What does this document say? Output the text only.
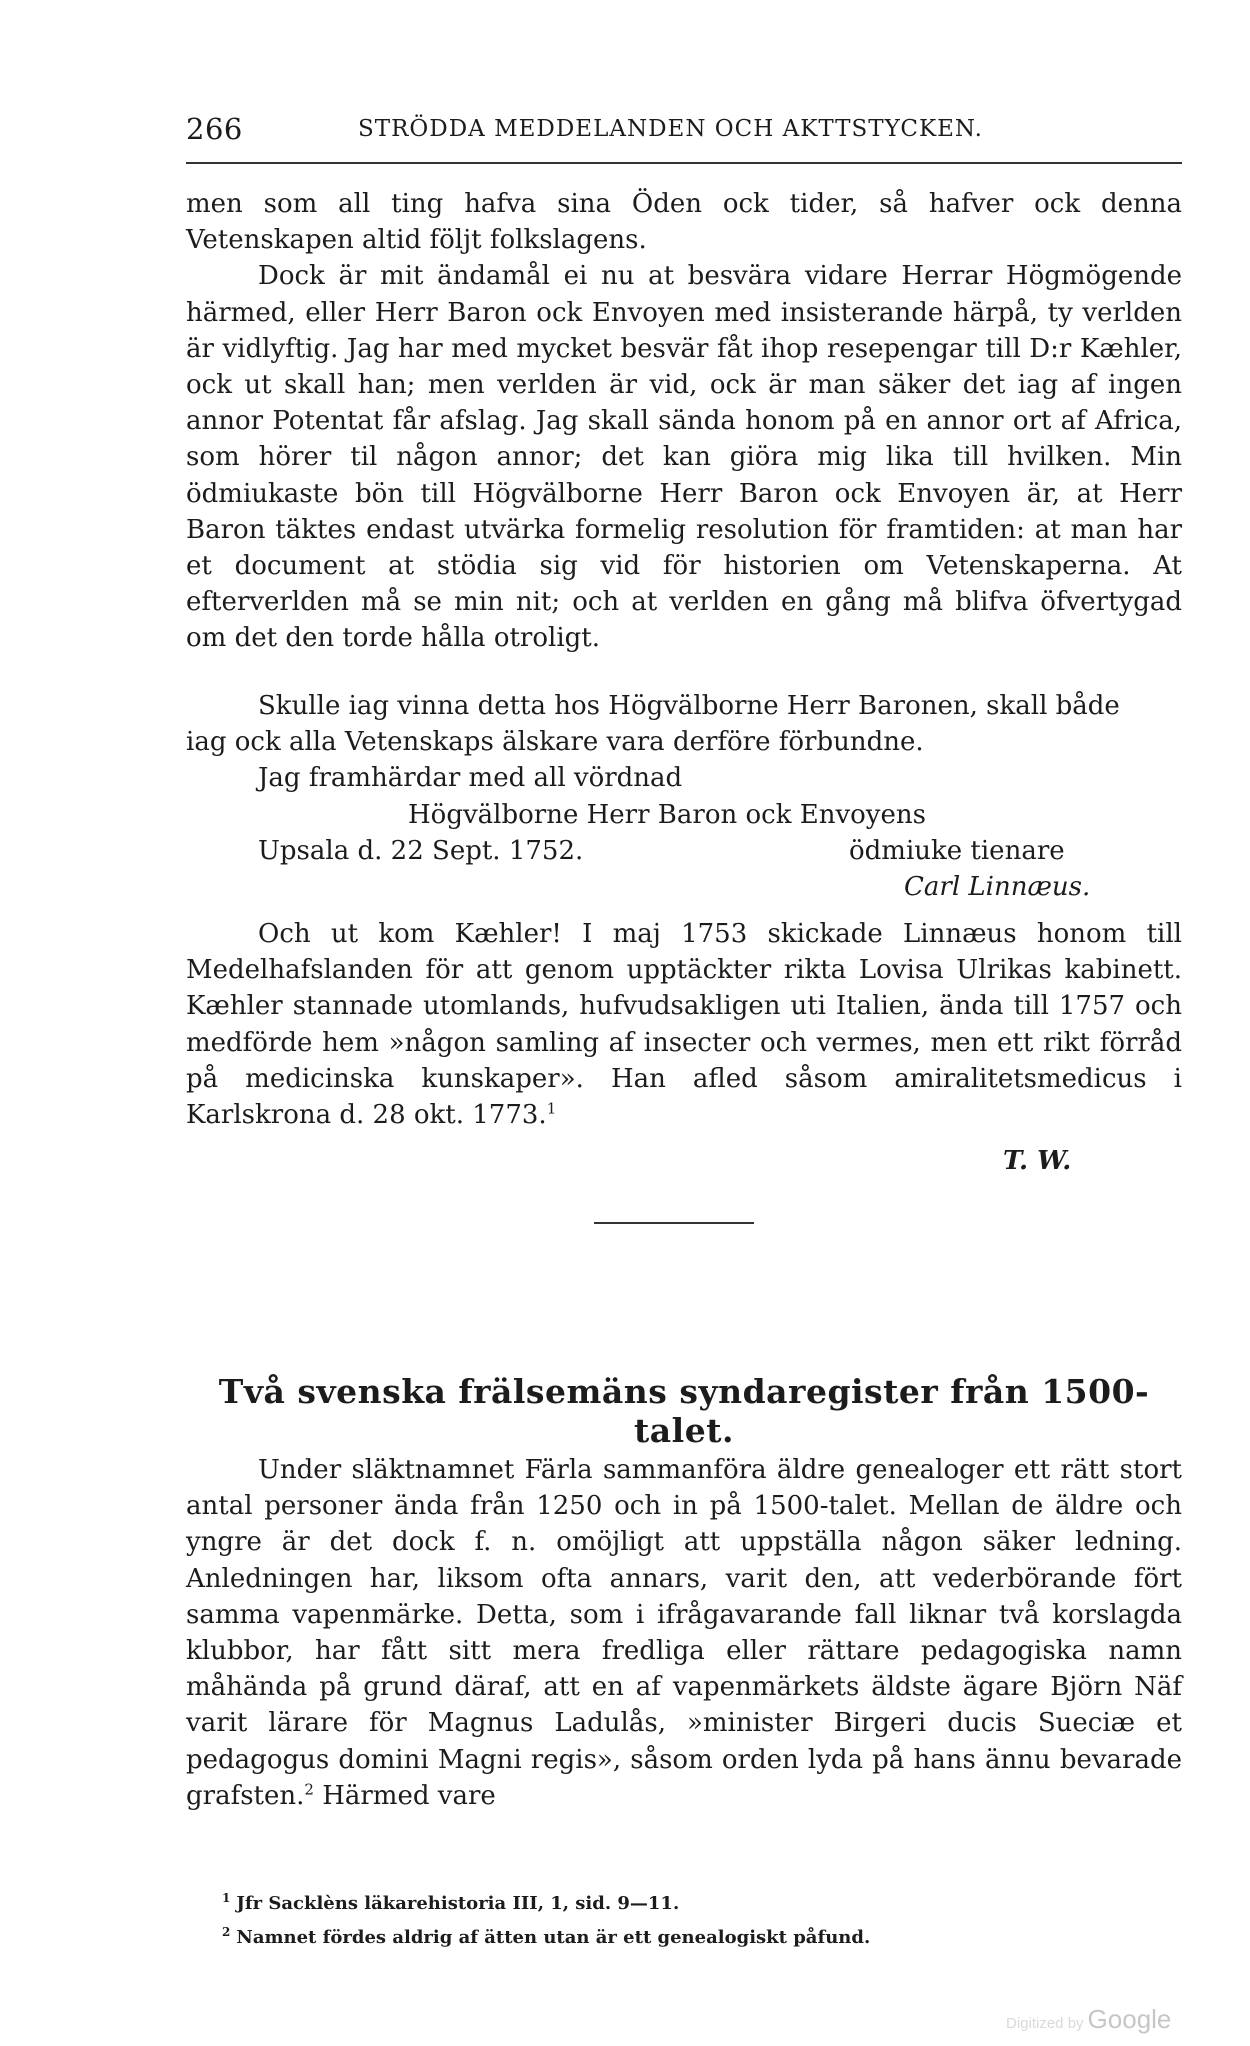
266	STRÖDDA MEDDELANDEN OCH AKTTSTYCKEN.

men som all ting hafva sina Öden ock tider, så hafver ock denna Vetenskapen altid följt folkslagens.

Dock är mit ändamål ei nu at besvära vidare Herrar Högmögende härmed, eller Herr Baron ock Envoyen med insisterande härpå, ty verlden är vidlyftig. Jag har med mycket besvär fåt ihop resepengar till D:r Kæhler, ock ut skall han; men verlden är vid, ock är man säker det iag af ingen annor Potentat får afslag. Jag skall sända honom på en annor ort af Africa, som hörer til någon annor; det kan giöra mig lika till hvilken. Min ödmiukaste bön till Högvälborne Herr Baron ock Envoyen är, at Herr Baron täktes endast utvärka formelig resolution för framtiden: at man har et document at stödia sig vid för historien om Vetenskaperna. At efterverlden må se min nit; och at verlden en gång må blifva öfvertygad om det den torde hålla otroligt.

Skulle iag vinna detta hos Högvälborne Herr Baronen, skall både
iag ock alla Vetenskaps älskare vara derföre förbundne.
Jag framhärdar med all vördnad
Högvälborne Herr Baron ock Envoyens
Upsala d. 22 Sept. 1752.	ödmiuke tienare
Carl Linnæus.
Och ut kom Kæhler! I maj 1753 skickade Linnæus honom till Medelhafslanden för att genom upptäckter rikta Lovisa Ulrikas kabinett. Kæhler stannade utomlands, hufvudsakligen uti Italien, ända till 1757 och medförde hem »någon samling af insecter och vermes, men ett rikt förråd på medicinska kunskaper». Han afled såsom amiralitetsmedicus i Karlskrona d. 28 okt. 1773.$^1$
T. W.
Två svenska frälsemäns syndaregister från 1500-talet.
Under släktnamnet Färla sammanföra äldre genealoger ett rätt stort antal personer ända från 1250 och in på 1500-talet. Mellan de äldre och yngre är det dock f. n. omöjligt att uppställa någon säker ledning. Anledningen har, liksom ofta annars, varit den, att vederbörande fört samma vapenmärke. Detta, som i ifrågavarande fall liknar två korslagda klubbor, har fått sitt mera fredliga eller rättare pedagogiska namn måhända på grund däraf, att en af vapenmärkets äldste ägare Björn Näf varit lärare för Magnus Ladulås, »minister Birgeri ducis Sueciæ et pedagogus domini Magni regis», såsom orden lyda på hans ännu bevarade grafsten.$^2$ Härmed vare
$^1$ Jfr Sacklèns läkarehistoria III, 1, sid. 9—11.
$^2$ Namnet fördes aldrig af ätten utan är ett genealogiskt påfund.
Digitized by Google
